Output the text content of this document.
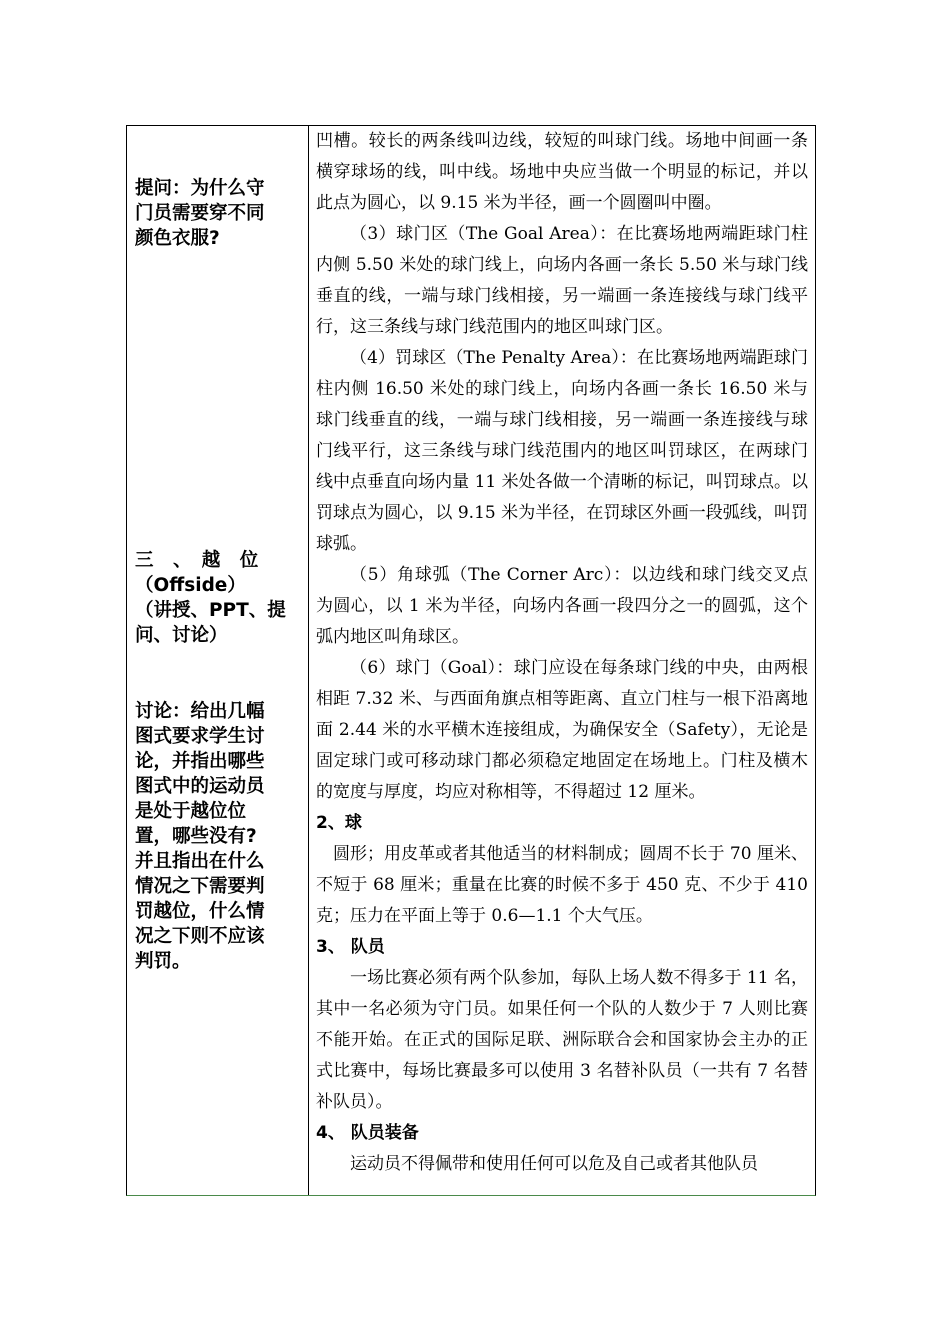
提问：为什么守
门员需要穿不同
颜色衣服?
三　、　越　位
（Offside）
（讲授、PPT、提
问、讨论）
讨论：给出几幅
图式要求学生讨
论，并指出哪些
图式中的运动员
是处于越位位
置，哪些没有?
并且指出在什么
情况之下需要判
罚越位，什么情
况之下则不应该
判罚。

凹槽。较长的两条线叫边线，较短的叫球门线。场地中间画一条横穿球场的线，叫中线。场地中央应当做一个明显的标记，并以此点为圆心，以 9.15 米为半径，画一个圆圈叫中圈。

（3）球门区（The Goal Area）：在比赛场地两端距球门柱内侧 5.50 米处的球门线上，向场内各画一条长 5.50 米与球门线垂直的线，一端与球门线相接，另一端画一条连接线与球门线平行，这三条线与球门线范围内的地区叫球门区。

（4）罚球区（The Penalty Area）：在比赛场地两端距球门柱内侧 16.50 米处的球门线上，向场内各画一条长 16.50 米与球门线垂直的线，一端与球门线相接，另一端画一条连接线与球门线平行，这三条线与球门线范围内的地区叫罚球区，在两球门线中点垂直向场内量 11 米处各做一个清晰的标记，叫罚球点。以罚球点为圆心，以 9.15 米为半径，在罚球区外画一段弧线，叫罚球弧。

（5）角球弧（The Corner Arc）：以边线和球门线交叉点为圆心，以 1 米为半径，向场内各画一段四分之一的圆弧，这个弧内地区叫角球区。

（6）球门（Goal）：球门应设在每条球门线的中央，由两根相距 7.32 米、与西面角旗点相等距离、直立门柱与一根下沿离地面 2.44 米的水平横木连接组成，为确保安全（Safety），无论是固定球门或可移动球门都必须稳定地固定在场地上。门柱及横木的宽度与厚度，均应对称相等，不得超过 12 厘米。

2、球

圆形；用皮革或者其他适当的材料制成；圆周不长于 70 厘米、不短于 68 厘米；重量在比赛的时候不多于 450 克、不少于 410 克；压力在平面上等于 0.6—1.1 个大气压。

3、 队员

一场比赛必须有两个队参加，每队上场人数不得多于 11 名，其中一名必须为守门员。如果任何一个队的人数少于 7 人则比赛不能开始。在正式的国际足联、洲际联合会和国家协会主办的正式比赛中，每场比赛最多可以使用 3 名替补队员（一共有 7 名替补队员）。

4、 队员装备

运动员不得佩带和使用任何可以危及自己或者其他队员
